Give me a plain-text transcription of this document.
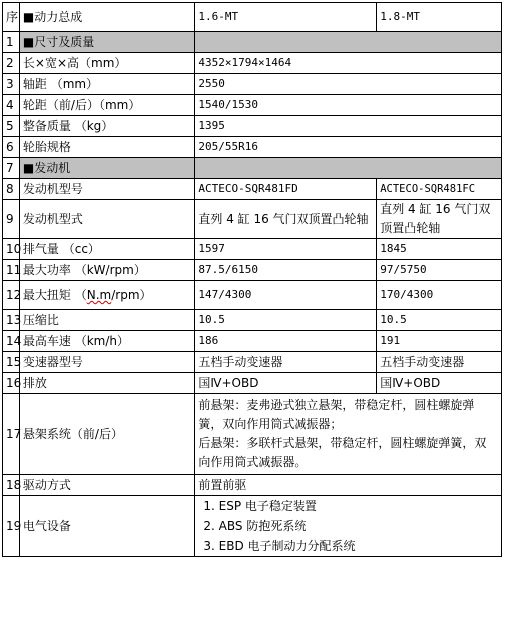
序	■动力总成	1.6-MT	1.8-MT
1	■尺寸及质量		
2	长×宽×高（mm）	4352×1794×1464	
3	轴距 （mm）	2550	
4	轮距（前/后）（mm）	1540/1530	
5	整备质量 （kg）	1395	
6	轮胎规格	205/55R16	
7	■发动机		
8	发动机型号	ACTECO-SQR481FD	ACTECO-SQR481FC
9	发动机型式	直列 4 缸 16 气门双顶置凸轮轴	直列 4 缸 16 气门双顶置凸轮轴
10	排气量 （cc）	1597	1845
11	最大功率 （kW/rpm）	87.5/6150	97/5750
12	最大扭矩 （N.m/rpm）	147/4300	170/4300
13	压缩比	10.5	10.5
14	最高车速 （km/h）	186	191
15	变速器型号	五档手动变速器	五档手动变速器
16	排放	国Ⅳ+OBD	国Ⅳ+OBD
17	悬架系统（前/后）	前悬架：麦弗逊式独立悬架，带稳定杆，圆柱螺旋弹簧，双向作用筒式减振器；
后悬架：多联杆式悬架，带稳定杆，圆柱螺旋弹簧，双向作用筒式减振器。	

18	驱动方式	前置前驱	
19	电气设备	1. ESP 电子稳定装置
2. ABS 防抱死系统
3. EBD 电子制动力分配系统	
